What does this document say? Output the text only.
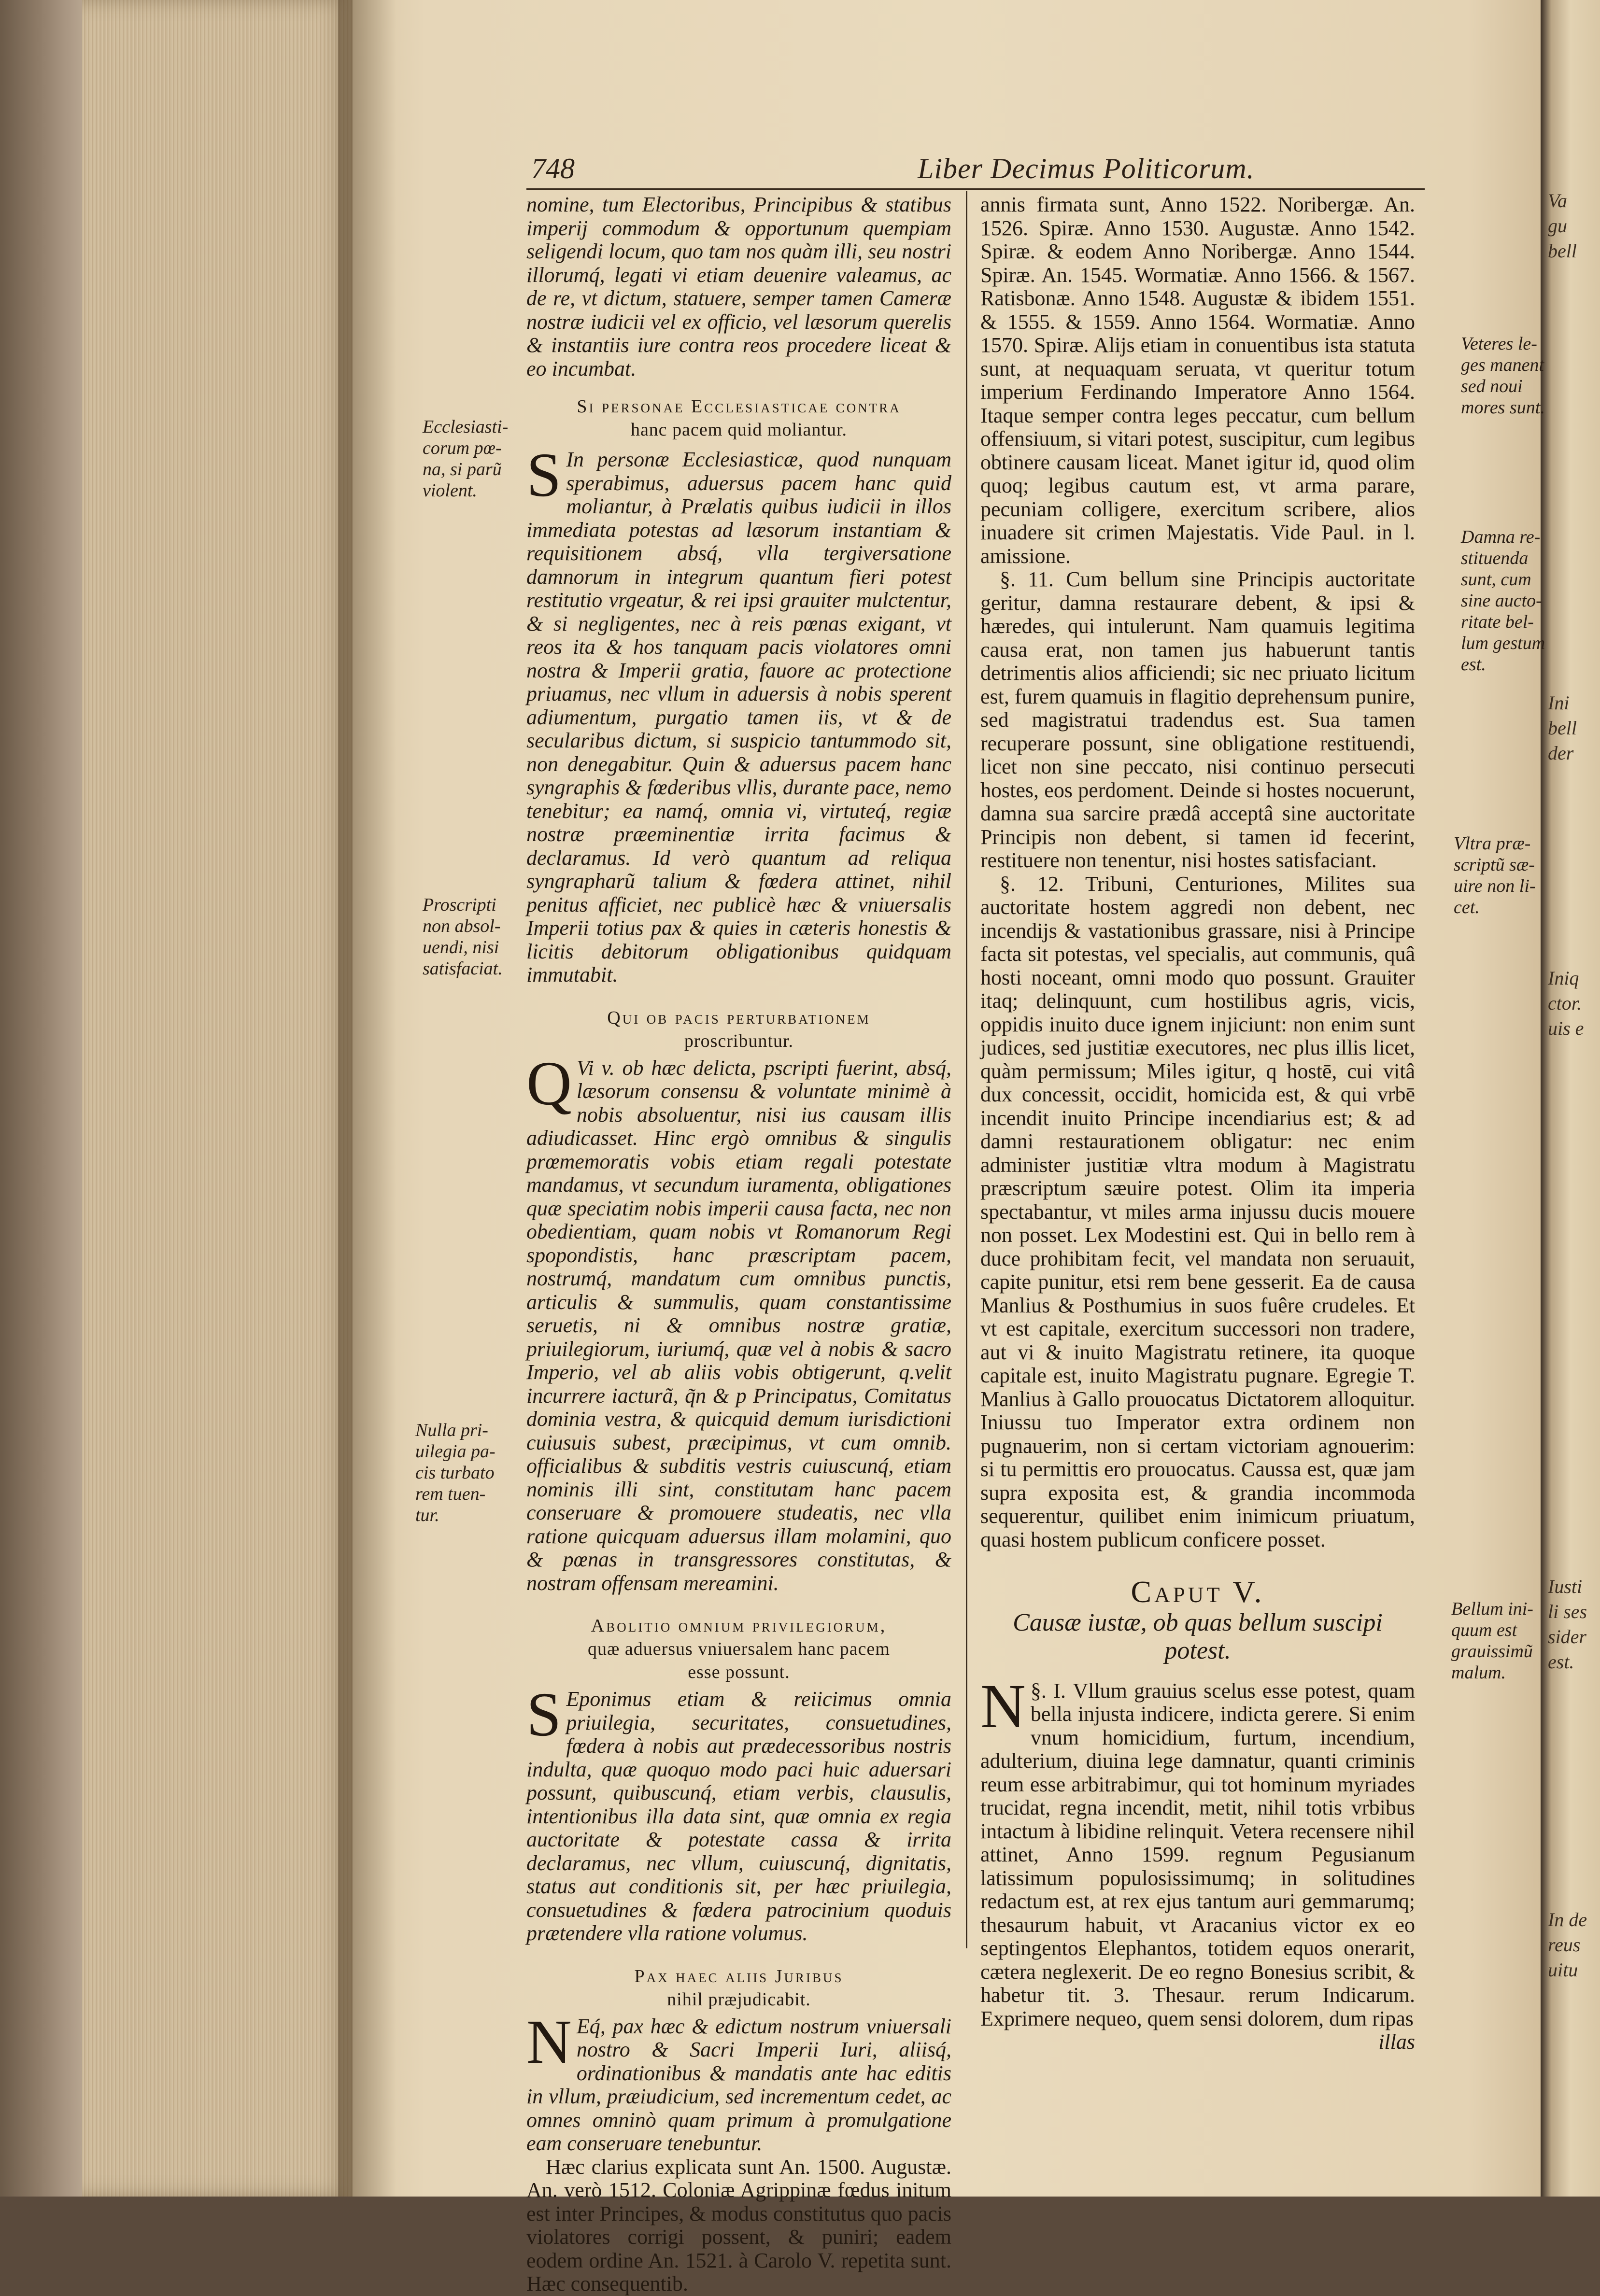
Va
gu
bell
Ini
bell
der
Iniq
ctor.
uis e
Iusti
li ses
sider
est.
In de
reus
uitu
748	Liber Decimus Politicorum.
Ecclesiasti-
corum pœ-
na, si parũ
violent.
Proscripti
non absol-
uendi, nisi
satisfaciat.
Nulla pri-
uilegia pa-
cis turbato
rem tuen-
tur.
Veteres le-
ges manent
sed noui
mores sunt.
Damna re-
stituenda
sunt, cum
sine aucto-
ritate bel-
lum gestum
est.
Vltra præ-
scriptũ sæ-
uire non li-
cet.
Bellum ini-
quum est
grauissimũ
malum.

nomine, tum Electoribus, Principibus & statibus imperij commodum & opportunum quempiam seligendi locum, quo tam nos quàm illi, seu nostri illorumq́, legati vi etiam deuenire valeamus, ac de re, vt dictum, statuere, semper tamen Cameræ nostræ iudicii vel ex officio, vel læsorum querelis & instantiis iure contra reos procedere liceat & eo incumbat.

Si personae Ecclesiasticae contra
hanc pacem quid moliantur.

S In personæ Ecclesiasticæ, quod nunquam sperabimus, aduersus pacem hanc quid moliantur, à Prælatis quibus iudicii in illos immediata potestas ad læsorum instantiam & requisitionem absq́, vlla tergiversatione damnorum in integrum quantum fieri potest restitutio vrgeatur, & rei ipsi grauiter mulctentur, & si negligentes, nec à reis pœnas exigant, vt reos ita & hos tanquam pacis violatores omni nostra & Imperii gratia, fauore ac protectione priuamus, nec vllum in aduersis à nobis sperent adiumentum, purgatio tamen iis, vt & de secularibus dictum, si suspicio tantummodo sit, non denegabitur. Quin & aduersus pacem hanc syngraphis & fœderibus vllis, durante pace, nemo tenebitur; ea namq́, omnia vi, virtuteq́, regiæ nostræ præeminentiæ irrita facimus & declaramus. Id verò quantum ad reliqua syngrapharũ talium & fœdera attinet, nihil penitus afficiet, nec publicè hæc & vniuersalis Imperii totius pax & quies in cæteris honestis & licitis debitorum obligationibus quidquam immutabit.

Qui ob pacis perturbationem
proscribuntur.

Q Vi v. ob hæc delicta, pscripti fuerint, absq́, læsorum consensu & voluntate minimè à nobis absoluentur, nisi ius causam illis adiudicasset. Hinc ergò omnibus & singulis prœmemoratis vobis etiam regali potestate mandamus, vt secundum iuramenta, obligationes quæ speciatim nobis imperii causa facta, nec non obedientiam, quam nobis vt Romanorum Regi spopondistis, hanc præscriptam pacem, nostrumq́, mandatum cum omnibus punctis, articulis & summulis, quam constantissime seruetis, ni & omnibus nostræ gratiæ, priuilegiorum, iuriumq́, quæ vel à nobis & sacro Imperio, vel ab aliis vobis obtigerunt, q.velit incurrere iacturã, q̃n & p Principatus, Comitatus dominia vestra, & quicquid demum iurisdictioni cuiusuis subest, præcipimus, vt cum omnib. officialibus & subditis vestris cuiuscunq́, etiam nominis illi sint, constitutam hanc pacem conseruare & promouere studeatis, nec vlla ratione quicquam aduersus illam molamini, quo & pœnas in transgressores constitutas, & nostram offensam mereamini.

Abolitio omnium privilegiorum,
quæ aduersus vniuersalem hanc pacem
esse possunt.

S Eponimus etiam & reiicimus omnia priuilegia, securitates, consuetudines, fœdera à nobis aut prædecessoribus nostris indulta, quæ quoquo modo paci huic aduersari possunt, quibuscunq́, etiam verbis, clausulis, intentionibus illa data sint, quæ omnia ex regia auctoritate & potestate cassa & irrita declaramus, nec vllum, cuiuscunq́, dignitatis, status aut conditionis sit, per hæc priuilegia, consuetudines & fœdera patrocinium quoduis prætendere vlla ratione volumus.

Pax haec aliis Juribus
nihil præjudicabit.

N Eq́, pax hæc & edictum nostrum vniuersali nostro & Sacri Imperii Iuri, aliisq́, ordinationibus & mandatis ante hac editis in vllum, præiudicium, sed incrementum cedet, ac omnes omninò quam primum à promulgatione eam conseruare tenebuntur.

Hæc clarius explicata sunt An. 1500. Augustæ. An. verò 1512. Coloniæ Agrippinæ fœdus initum est inter Principes, & modus constitutus quo pacis violatores corrigi possent, & puniri; eadem eodem ordine An. 1521. à Carolo V. repetita sunt. Hæc consequentib.

annis firmata sunt, Anno 1522. Noribergæ. An. 1526. Spiræ. Anno 1530. Augustæ. Anno 1542. Spiræ. & eodem Anno Noribergæ. Anno 1544. Spiræ. An. 1545. Wormatiæ. Anno 1566. & 1567. Ratisbonæ. Anno 1548. Augustæ & ibidem 1551. & 1555. & 1559. Anno 1564. Wormatiæ. Anno 1570. Spiræ. Alijs etiam in conuentibus ista statuta sunt, at nequaquam seruata, vt queritur totum imperium Ferdinando Imperatore Anno 1564. Itaque semper contra leges peccatur, cum bellum offensiuum, si vitari potest, suscipitur, cum legibus obtinere causam liceat. Manet igitur id, quod olim quoq; legibus cautum est, vt arma parare, pecuniam colligere, exercitum scribere, alios inuadere sit crimen Majestatis. Vide Paul. in l. amissione.

§. 11. Cum bellum sine Principis auctoritate geritur, damna restaurare debent, & ipsi & hæredes, qui intulerunt. Nam quamuis legitima causa erat, non tamen jus habuerunt tantis detrimentis alios afficiendi; sic nec priuato licitum est, furem quamuis in flagitio deprehensum punire, sed magistratui tradendus est. Sua tamen recuperare possunt, sine obligatione restituendi, licet non sine peccato, nisi continuo persecuti hostes, eos perdoment. Deinde si hostes nocuerunt, damna sua sarcire prædâ acceptâ sine auctoritate Principis non debent, si tamen id fecerint, restituere non tenentur, nisi hostes satisfaciant.

§. 12. Tribuni, Centuriones, Milites sua auctoritate hostem aggredi non debent, nec incendijs & vastationibus grassare, nisi à Principe facta sit potestas, vel specialis, aut communis, quâ hosti noceant, omni modo quo possunt. Grauiter itaq; delinquunt, cum hostilibus agris, vicis, oppidis inuito duce ignem injiciunt: non enim sunt judices, sed justitiæ executores, nec plus illis licet, quàm permissum; Miles igitur, q hostē, cui vitâ dux concessit, occidit, homicida est, & qui vrbē incendit inuito Principe incendiarius est; & ad damni restaurationem obligatur: nec enim administer justitiæ vltra modum à Magistratu præscriptum sæuire potest. Olim ita imperia spectabantur, vt miles arma injussu ducis mouere non posset. Lex Modestini est. Qui in bello rem à duce prohibitam fecit, vel mandata non seruauit, capite punitur, etsi rem bene gesserit. Ea de causa Manlius & Posthumius in suos fuêre crudeles. Et vt est capitale, exercitum successori non tradere, aut vi & inuito Magistratu retinere, ita quoque capitale est, inuito Magistratu pugnare. Egregie T. Manlius à Gallo prouocatus Dictatorem alloquitur. Iniussu tuo Imperator extra ordinem non pugnauerim, non si certam victoriam agnouerim: si tu permittis ero prouocatus. Caussa est, quæ jam supra exposita est, & grandia incommoda sequerentur, quilibet enim inimicum priuatum, quasi hostem publicum conficere posset.

Caput V.
Causæ iustæ, ob quas bellum suscipi potest.

§. I.
N Vllum grauius scelus esse potest, quam bella injusta indicere, indicta gerere. Si enim vnum homicidium, furtum, incendium, adulterium, diuina lege damnatur, quanti criminis reum esse arbitrabimur, qui tot hominum myriades trucidat, regna incendit, metit, nihil totis vrbibus intactum à libidine relinquit. Vetera recensere nihil attinet, Anno 1599. regnum Pegusianum latissimum populosissimumq; in solitudines redactum est, at rex ejus tantum auri gemmarumq; thesaurum habuit, vt Aracanius victor ex eo septingentos Elephantos, totidem equos onerarit, cætera neglexerit. De eo regno Bonesius scribit, & habetur tit. 3. Thesaur. rerum Indicarum. Exprimere nequeo, quem sensi dolorem, dum ripas

illas
